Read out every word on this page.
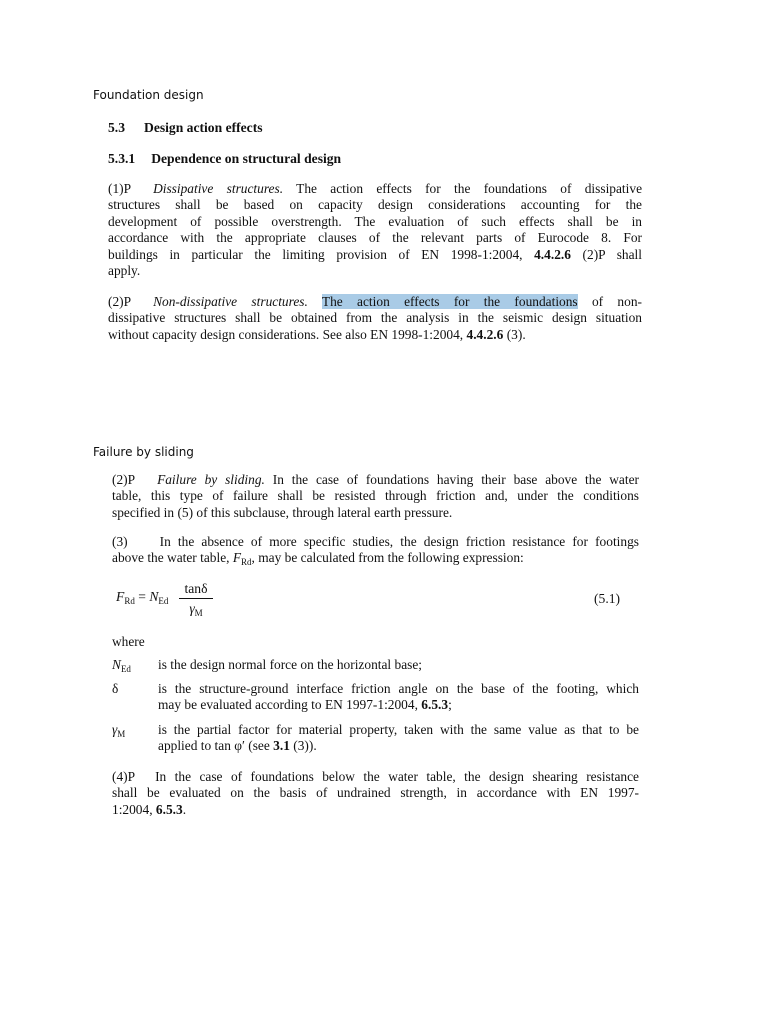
Foundation design
5.3 Design action effects
5.3.1 Dependence on structural design
(1)P Dissipative structures. The action effects for the foundations of dissipative
structures shall be based on capacity design considerations accounting for the
development of possible overstrength. The evaluation of such effects shall be in
accordance with the appropriate clauses of the relevant parts of Eurocode 8. For
buildings in particular the limiting provision of EN 1998-1:2004, 4.4.2.6 (2)P shall
apply.
(2)P Non-dissipative structures. The action effects for the foundations of non-
dissipative structures shall be obtained from the analysis in the seismic design situation
without capacity design considerations. See also EN 1998-1:2004, 4.4.2.6 (3).
Failure by sliding
(2)P Failure by sliding. In the case of foundations having their base above the water
table, this type of failure shall be resisted through friction and, under the conditions
specified in (5) of this subclause, through lateral earth pressure.
(3) In the absence of more specific studies, the design friction resistance for footings
above the water table, $F_{Rd}$, may be calculated from the following expression:
$F_{Rd} = N_{Ed}$
tanδ
$\gamma_M$
(5.1)
where
$N_{Ed}$ is the design normal force on the horizontal base;
δ	is the structure-ground interface friction angle on the base of the footing, which
may be evaluated according to EN 1997-1:2004, 6.5.3;
$\gamma_M$ is the partial factor for material property, taken with the same value as that to be
applied to tan φ′ (see 3.1 (3)).
(4)P In the case of foundations below the water table, the design shearing resistance
shall be evaluated on the basis of undrained strength, in accordance with EN 1997-
1:2004, 6.5.3.
